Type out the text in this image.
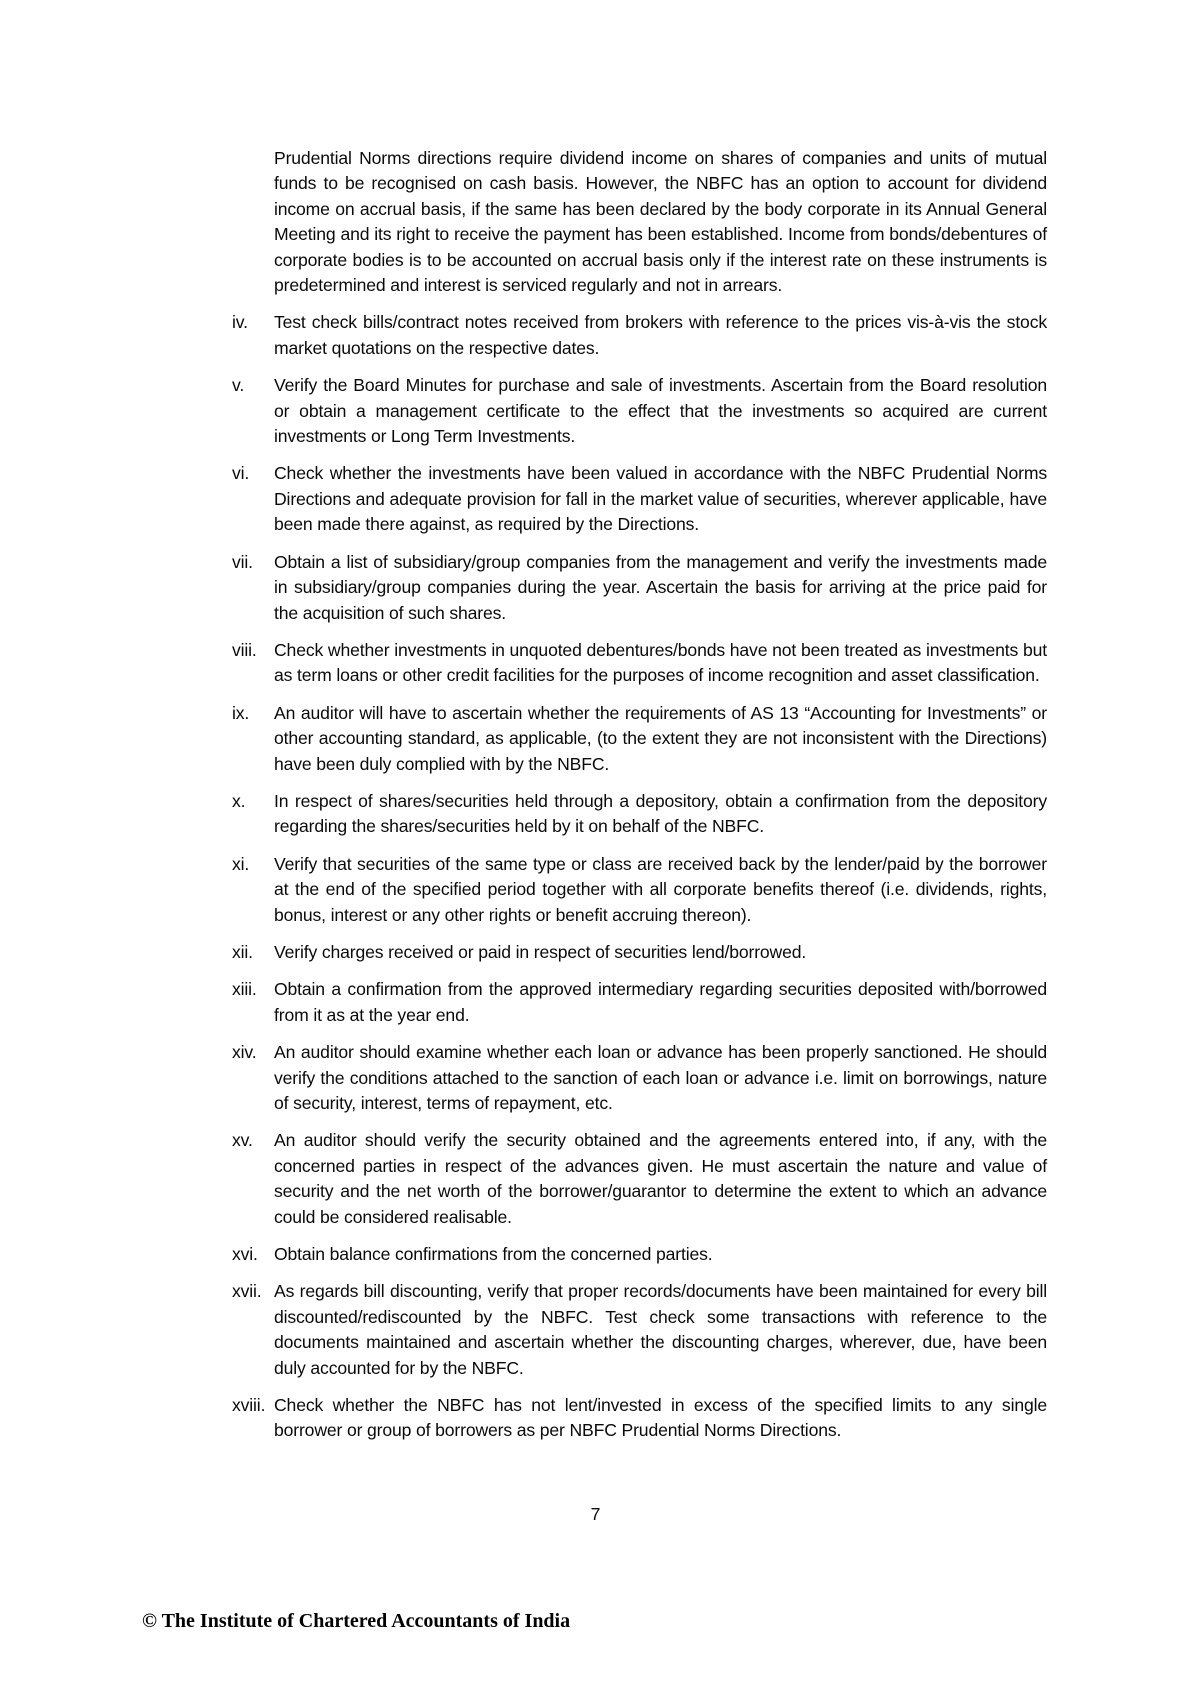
Prudential Norms directions require dividend income on shares of companies and units of mutual funds to be recognised on cash basis. However, the NBFC has an option to account for dividend income on accrual basis, if the same has been declared by the body corporate in its Annual General Meeting and its right to receive the payment has been established. Income from bonds/debentures of corporate bodies is to be accounted on accrual basis only if the interest rate on these instruments is predetermined and interest is serviced regularly and not in arrears.

iv.	Test check bills/contract notes received from brokers with reference to the prices vis-à-vis the stock market quotations on the respective dates.
v.	Verify the Board Minutes for purchase and sale of investments. Ascertain from the Board resolution or obtain a management certificate to the effect that the investments so acquired are current investments or Long Term Investments.
vi.	Check whether the investments have been valued in accordance with the NBFC Prudential Norms Directions and adequate provision for fall in the market value of securities, wherever applicable, have been made there against, as required by the Directions.
vii.	Obtain a list of subsidiary/group companies from the management and verify the investments made in subsidiary/group companies during the year. Ascertain the basis for arriving at the price paid for the acquisition of such shares.
viii. Check whether investments in unquoted debentures/bonds have not been treated as investments but as term loans or other credit facilities for the purposes of income recognition and asset classification.
ix.	An auditor will have to ascertain whether the requirements of AS 13 “Accounting for Investments” or other accounting standard, as applicable, (to the extent they are not inconsistent with the Directions) have been duly complied with by the NBFC.
x.	In respect of shares/securities held through a depository, obtain a confirmation from the depository regarding the shares/securities held by it on behalf of the NBFC.
xi.	Verify that securities of the same type or class are received back by the lender/paid by the borrower at the end of the specified period together with all corporate benefits thereof (i.e. dividends, rights, bonus, interest or any other rights or benefit accruing thereon).
xii.	Verify charges received or paid in respect of securities lend/borrowed.
xiii. Obtain a confirmation from the approved intermediary regarding securities deposited with/borrowed from it as at the year end.
xiv. An auditor should examine whether each loan or advance has been properly sanctioned. He should verify the conditions attached to the sanction of each loan or advance i.e. limit on borrowings, nature of security, interest, terms of repayment, etc.
xv.	An auditor should verify the security obtained and the agreements entered into, if any, with the concerned parties in respect of the advances given. He must ascertain the nature and value of security and the net worth of the borrower/guarantor to determine the extent to which an advance could be considered realisable.
xvi. Obtain balance confirmations from the concerned parties.
xvii. As regards bill discounting, verify that proper records/documents have been maintained for every bill discounted/rediscounted by the NBFC. Test check some transactions with reference to the documents maintained and ascertain whether the discounting charges, wherever, due, have been duly accounted for by the NBFC.
xviii. Check whether the NBFC has not lent/invested in excess of the specified limits to any single borrower or group of borrowers as per NBFC Prudential Norms Directions.
7
© The Institute of Chartered Accountants of India
